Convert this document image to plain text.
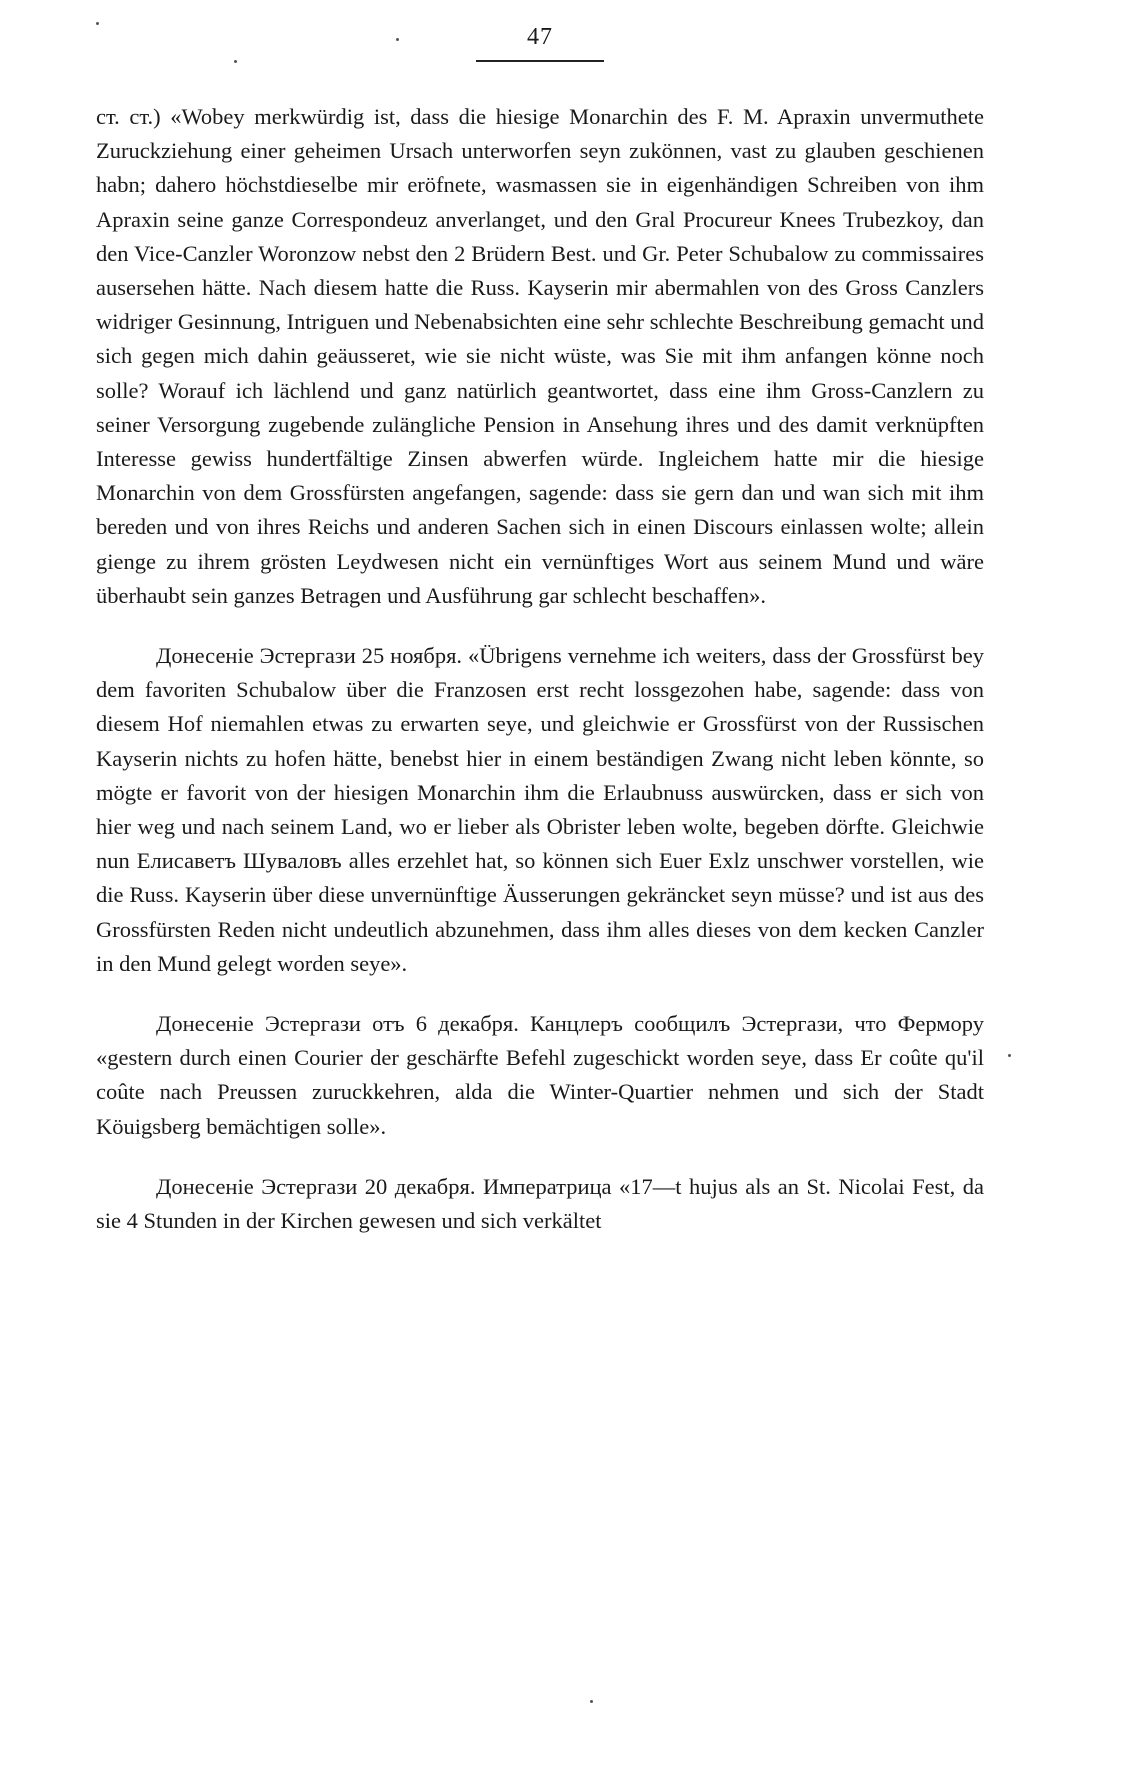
47

ст. ст.) «Wobey merkwürdig ist, dass die hiesige Monarchin des F. M. Apraxin unvermuthete Zuruckziehung einer geheimen Ursach unterworfen seyn zukönnen, vast zu glauben geschienen habn; dahero höchstdieselbe mir eröfnete, wasmassen sie in eigenhändigen Schreiben von ihm Apraxin seine ganze Correspondeuz anverlanget, und den Gral Procureur Knees Trubezkoy, dan den Vice-Canzler Woronzow nebst den 2 Brüdern Best. und Gr. Peter Schubalow zu commissaires ausersehen hätte. Nach diesem hatte die Russ. Kayserin mir abermahlen von des Gross Canzlers widriger Gesinnung, Intriguen und Nebenabsichten eine sehr schlechte Beschreibung gemacht und sich gegen mich dahin geäusseret, wie sie nicht wüste, was Sie mit ihm anfangen könne noch solle? Worauf ich lächlend und ganz natürlich geantwortet, dass eine ihm Gross-Canzlern zu seiner Versorgung zugebende zulängliche Pension in Ansehung ihres und des damit verknüpften Interesse gewiss hundertfältige Zinsen abwerfen würde. Ingleichem hatte mir die hiesige Monarchin von dem Grossfürsten angefangen, sagende: dass sie gern dan und wan sich mit ihm bereden und von ihres Reichs und anderen Sachen sich in einen Discours einlassen wolte; allein gienge zu ihrem grösten Leydwesen nicht ein vernünftiges Wort aus seinem Mund und wäre überhaubt sein ganzes Betragen und Ausführung gar schlecht beschaffen».

Донесеніе Эстергази 25 ноября. «Übrigens vernehme ich weiters, dass der Grossfürst bey dem favoriten Schubalow über die Franzosen erst recht lossgezohen habe, sagende: dass von diesem Hof niemahlen etwas zu erwarten seye, und gleichwie er Grossfürst von der Russischen Kayserin nichts zu hofen hätte, benebst hier in einem beständigen Zwang nicht leben könnte, so mögte er favorit von der hiesigen Monarchin ihm die Erlaubnuss auswürcken, dass er sich von hier weg und nach seinem Land, wo er lieber als Obrister leben wolte, begeben dörfte. Gleichwie nun Елисаветъ Шуваловъ alles erzehlet hat, so können sich Euer Exlz unschwer vorstellen, wie die Russ. Kayserin über diese unvernünftige Äusserungen gekräncket seyn müsse? und ist aus des Grossfürsten Reden nicht undeutlich abzunehmen, dass ihm alles dieses von dem kecken Canzler in den Mund gelegt worden seye».

Донесеніе Эстергази отъ 6 декабря. Канцлеръ сообщилъ Эстергази, что Фермору «gestern durch einen Courier der geschärfte Befehl zugeschickt worden seye, dass Er coûte qu'il coûte nach Preussen zuruckkehren, alda die Winter-Quartier nehmen und sich der Stadt Köuigsberg bemächtigen solle».

Донесеніе Эстергази 20 декабря. Императрица «17—t hujus als an St. Nicolai Fest, da sie 4 Stunden in der Kirchen gewesen und sich verkältet
